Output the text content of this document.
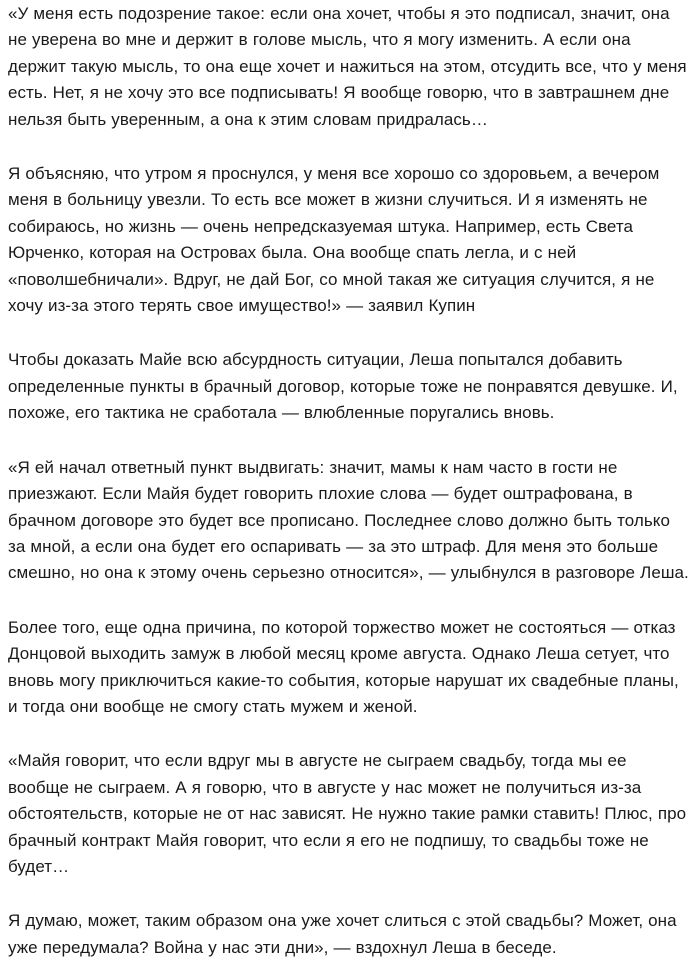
«У меня есть подозрение такое: если она хочет, чтобы я это подписал, значит, она не уверена во мне и держит в голове мысль, что я могу изменить. А если она держит такую мысль, то она еще хочет и нажиться на этом, отсудить все, что у меня есть. Нет, я не хочу это все подписывать! Я вообще говорю, что в завтрашнем дне нельзя быть уверенным, а она к этим словам придралась…

Я объясняю, что утром я проснулся, у меня все хорошо со здоровьем, а вечером меня в больницу увезли. То есть все может в жизни случиться. И я изменять не собираюсь, но жизнь — очень непредсказуемая штука. Например, есть Света Юрченко, которая на Островах была. Она вообще спать легла, и с ней «поволшебничали». Вдруг, не дай Бог, со мной такая же ситуация случится, я не хочу из-за этого терять свое имущество!» — заявил Купин

Чтобы доказать Майе всю абсурдность ситуации, Леша попытался добавить определенные пункты в брачный договор, которые тоже не понравятся девушке. И, похоже, его тактика не сработала — влюбленные поругались вновь.

«Я ей начал ответный пункт выдвигать: значит, мамы к нам часто в гости не приезжают. Если Майя будет говорить плохие слова — будет оштрафована, в брачном договоре это будет все прописано. Последнее слово должно быть только за мной, а если она будет его оспаривать — за это штраф. Для меня это больше смешно, но она к этому очень серьезно относится», — улыбнулся в разговоре Леша.

Более того, еще одна причина, по которой торжество может не состояться — отказ Донцовой выходить замуж в любой месяц кроме августа. Однако Леша сетует, что вновь могу приключиться какие-то события, которые нарушат их свадебные планы, и тогда они вообще не смогу стать мужем и женой.

«Майя говорит, что если вдруг мы в августе не сыграем свадьбу, тогда мы ее вообще не сыграем. А я говорю, что в августе у нас может не получиться из-за обстоятельств, которые не от нас зависят. Не нужно такие рамки ставить! Плюс, про брачный контракт Майя говорит, что если я его не подпишу, то свадьбы тоже не будет…

Я думаю, может, таким образом она уже хочет слиться с этой свадьбы? Может, она уже передумала? Война у нас эти дни», — вздохнул Леша в беседе.
